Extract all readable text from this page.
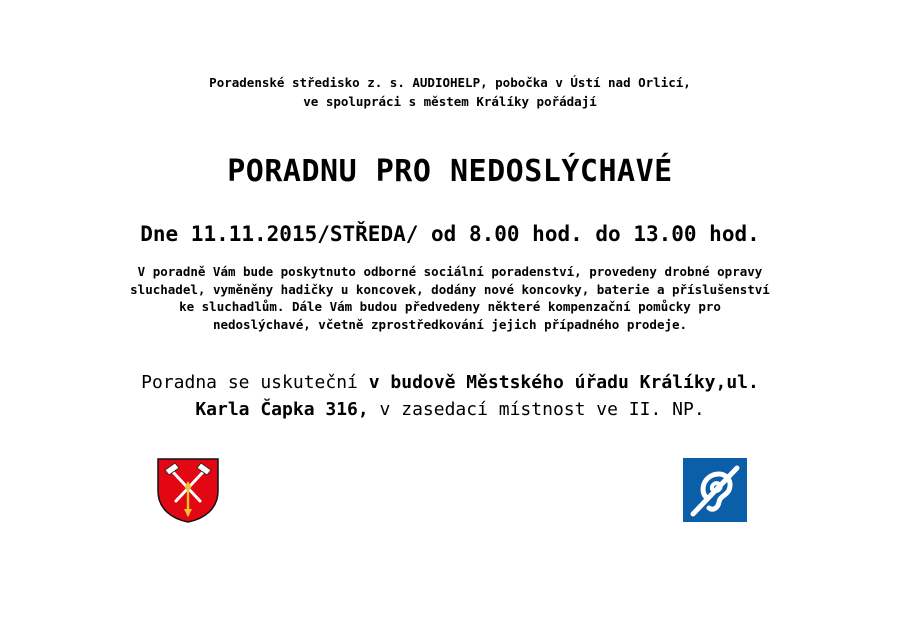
Poradenské středisko z. s. AUDIOHELP, pobočka v Ústí nad Orlicí,
ve spolupráci s městem Králíky pořádají
PORADNU PRO NEDOSLÝCHAVÉ
Dne 11.11.2015/STŘEDA/ od 8.00 hod. do 13.00 hod.
V poradně Vám bude poskytnuto odborné sociální poradenství, provedeny drobné opravy
sluchadel, vyměněny hadičky u koncovek, dodány nové koncovky, baterie a příslušenství
ke sluchadlům. Dále Vám budou předvedeny některé kompenzační pomůcky pro
nedoslýchavé, včetně zprostředkování jejich případného prodeje.
Poradna se uskuteční v budově Městského úřadu Králíky,ul.
Karla Čapka 316, v zasedací místnost ve II. NP.
